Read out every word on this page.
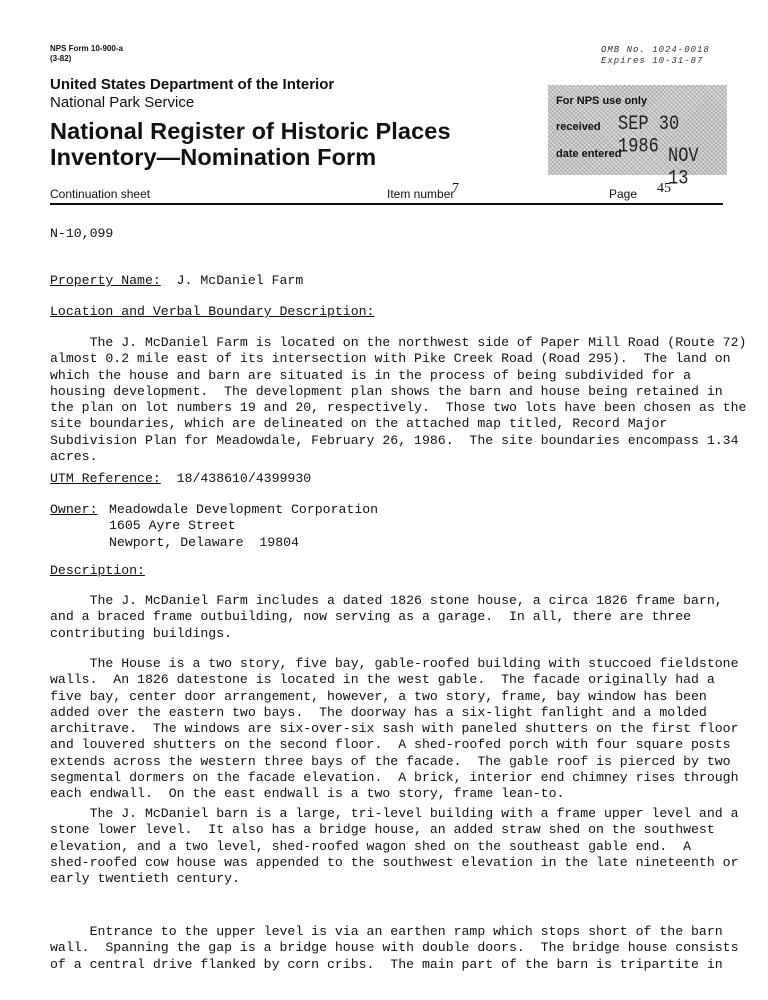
NPS Form 10-900-a
(3-82)
OMB No. 1024-0018
Expires 10-31-87
United States Department of the Interior
National Park Service
National Register of Historic Places
Inventory—Nomination Form
For NPS use only
received SEP 30 1986
date entered	NOV 13
Continuation sheet	Item number
7	Page 45
N-10,099
Property Name: J. McDaniel Farm
Location and Verbal Boundary Description:
The J. McDaniel Farm is located on the northwest side of Paper Mill Road (Route 72)
almost 0.2 mile east of its intersection with Pike Creek Road (Road 295).  The land on
which the house and barn are situated is in the process of being subdivided for a
housing development.  The development plan shows the barn and house being retained in
the plan on lot numbers 19 and 20, respectively.  Those two lots have been chosen as the
site boundaries, which are delineated on the attached map titled, Record Major
Subdivision Plan for Meadowdale, February 26, 1986.  The site boundaries encompass 1.34
acres.
UTM Reference: 18/438610/4399930
Owner: Meadowdale Development Corporation
1605 Ayre Street
Newport, Delaware  19804
Description:
The J. McDaniel Farm includes a dated 1826 stone house, a circa 1826 frame barn,
and a braced frame outbuilding, now serving as a garage.  In all, there are three
contributing buildings.
The House is a two story, five bay, gable-roofed building with stuccoed fieldstone
walls.  An 1826 datestone is located in the west gable.  The facade originally had a
five bay, center door arrangement, however, a two story, frame, bay window has been
added over the eastern two bays.  The doorway has a six-light fanlight and a molded
architrave.  The windows are six-over-six sash with paneled shutters on the first floor
and louvered shutters on the second floor.  A shed-roofed porch with four square posts
extends across the western three bays of the facade.  The gable roof is pierced by two
segmental dormers on the facade elevation.  A brick, interior end chimney rises through
each endwall.  On the east endwall is a two story, frame lean-to.
The J. McDaniel barn is a large, tri-level building with a frame upper level and a
stone lower level.  It also has a bridge house, an added straw shed on the southwest
elevation, and a two level, shed-roofed wagon shed on the southeast gable end.  A
shed-roofed cow house was appended to the southwest elevation in the late nineteenth or
early twentieth century.
Entrance to the upper level is via an earthen ramp which stops short of the barn
wall.  Spanning the gap is a bridge house with double doors.  The bridge house consists
of a central drive flanked by corn cribs.  The main part of the barn is tripartite in
